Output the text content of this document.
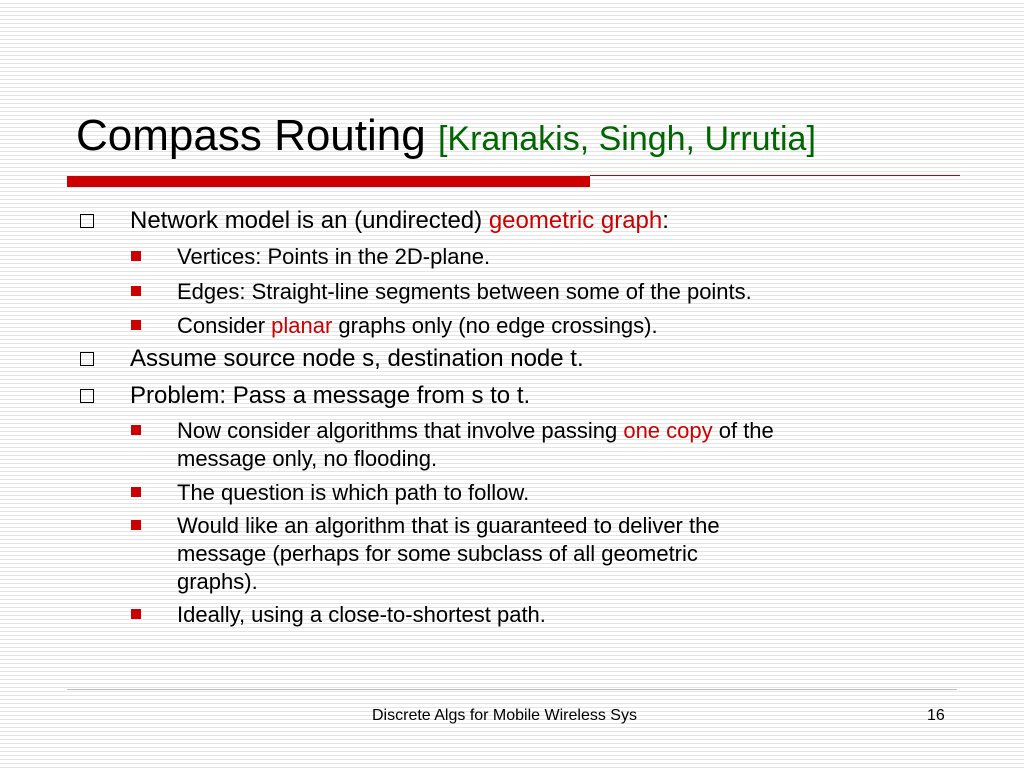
Compass Routing [Kranakis, Singh, Urrutia]
Network model is an (undirected) geometric graph:
Vertices: Points in the 2D-plane.
Edges: Straight-line segments between some of the points.
Consider planar graphs only (no edge crossings).
Assume source node s, destination node t.
Problem: Pass a message from s to t.
Now consider algorithms that involve passing one copy of the
message only, no flooding.
The question is which path to follow.
Would like an algorithm that is guaranteed to deliver the
message (perhaps for some subclass of all geometric
graphs).
Ideally, using a close-to-shortest path.
Discrete Algs for Mobile Wireless Sys	16
